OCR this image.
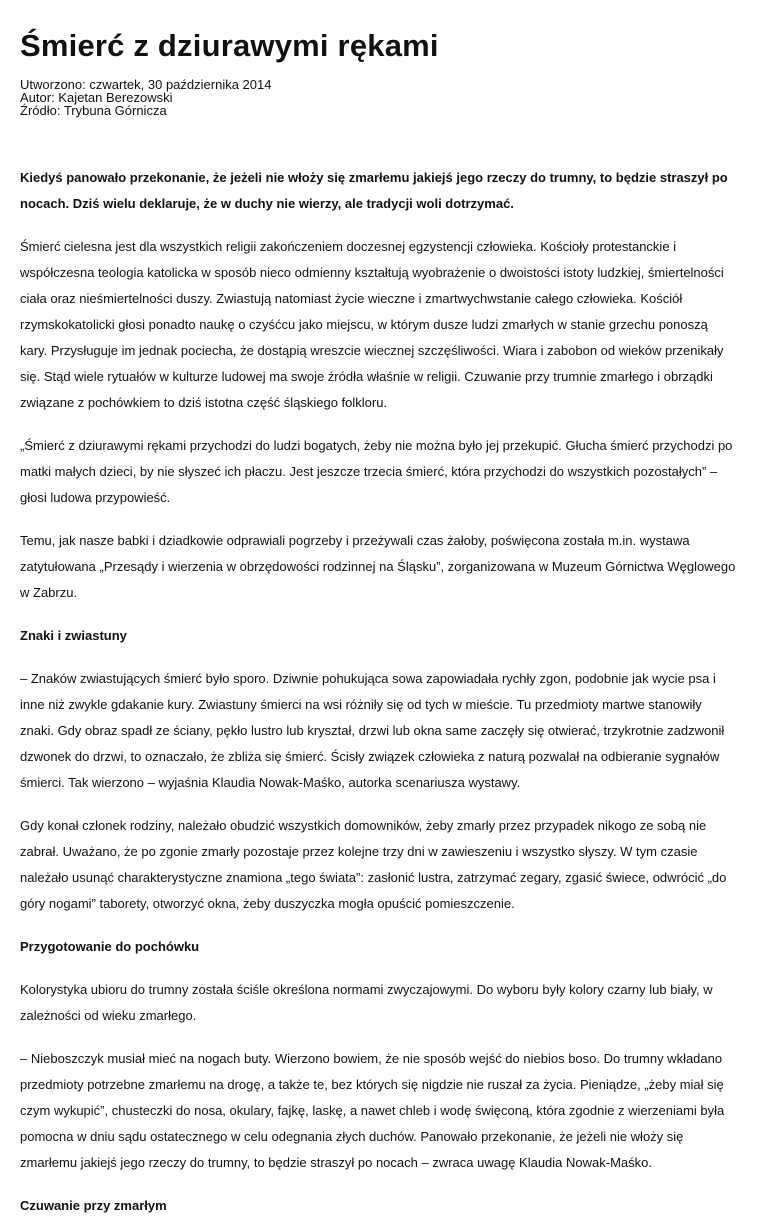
Śmierć z dziurawymi rękami
Utworzono: czwartek, 30 października 2014
Autor: Kajetan Berezowski
Źródło: Trybuna Górnicza

Kiedyś panowało przekonanie, że jeżeli nie włoży się zmarłemu jakiejś jego rzeczy do trumny, to będzie straszył po nocach. Dziś wielu deklaruje, że w duchy nie wierzy, ale tradycji woli dotrzymać.

Śmierć cielesna jest dla wszystkich religii zakończeniem doczesnej egzystencji człowieka. Kościoły protestanckie i współczesna teologia katolicka w sposób nieco odmienny kształtują wyobrażenie o dwoistości istoty ludzkiej, śmiertelności ciała oraz nieśmiertelności duszy. Zwiastują natomiast życie wieczne i zmartwychwstanie całego człowieka. Kościół rzymskokatolicki głosi ponadto naukę o czyśćcu jako miejscu, w którym dusze ludzi zmarłych w stanie grzechu ponoszą kary. Przysługuje im jednak pociecha, że dostąpią wreszcie wiecznej szczęśliwości. Wiara i zabobon od wieków przenikały się. Stąd wiele rytuałów w kulturze ludowej ma swoje źródła właśnie w religii. Czuwanie przy trumnie zmarłego i obrządki związane z pochówkiem to dziś istotna część śląskiego folkloru.

„Śmierć z dziurawymi rękami przychodzi do ludzi bogatych, żeby nie można było jej przekupić. Głucha śmierć przychodzi po matki małych dzieci, by nie słyszeć ich płaczu. Jest jeszcze trzecia śmierć, która przychodzi do wszystkich pozostałych” – głosi ludowa przypowieść.

Temu, jak nasze babki i dziadkowie odprawiali pogrzeby i przeżywali czas żałoby, poświęcona została m.in. wystawa zatytułowana „Przesądy i wierzenia w obrzędowości rodzinnej na Śląsku”, zorganizowana w Muzeum Górnictwa Węglowego w Zabrzu.

Znaki i zwiastuny

– Znaków zwiastujących śmierć było sporo. Dziwnie pohukująca sowa zapowiadała rychły zgon, podobnie jak wycie psa i inne niż zwykle gdakanie kury. Zwiastuny śmierci na wsi różniły się od tych w mieście. Tu przedmioty martwe stanowiły znaki. Gdy obraz spadł ze ściany, pękło lustro lub kryształ, drzwi lub okna same zaczęły się otwierać, trzykrotnie zadzwonił dzwonek do drzwi, to oznaczało, że zbliża się śmierć. Ścisły związek człowieka z naturą pozwalał na odbieranie sygnałów śmierci. Tak wierzono – wyjaśnia Klaudia Nowak-Maśko, autorka scenariusza wystawy.

Gdy konał członek rodziny, należało obudzić wszystkich domowników, żeby zmarły przez przypadek nikogo ze sobą nie zabrał. Uważano, że po zgonie zmarły pozostaje przez kolejne trzy dni w zawieszeniu i wszystko słyszy. W tym czasie należało usunąć charakterystyczne znamiona „tego świata”: zasłonić lustra, zatrzymać zegary, zgasić świece, odwrócić „do góry nogami” taborety, otworzyć okna, żeby duszyczka mogła opuścić pomieszczenie.

Przygotowanie do pochówku

Kolorystyka ubioru do trumny została ściśle określona normami zwyczajowymi. Do wyboru były kolory czarny lub biały, w zależności od wieku zmarłego.

– Nieboszczyk musiał mieć na nogach buty. Wierzono bowiem, że nie sposób wejść do niebios boso. Do trumny wkładano przedmioty potrzebne zmarłemu na drogę, a także te, bez których się nigdzie nie ruszał za życia. Pieniądze, „żeby miał się czym wykupić”, chusteczki do nosa, okulary, fajkę, laskę, a nawet chleb i wodę święconą, która zgodnie z wierzeniami była pomocna w dniu sądu ostatecznego w celu odegnania złych duchów. Panowało przekonanie, że jeżeli nie włoży się zmarłemu jakiejś jego rzeczy do trumny, to będzie straszył po nocach – zwraca uwagę Klaudia Nowak-Maśko.

Czuwanie przy zmarłym
